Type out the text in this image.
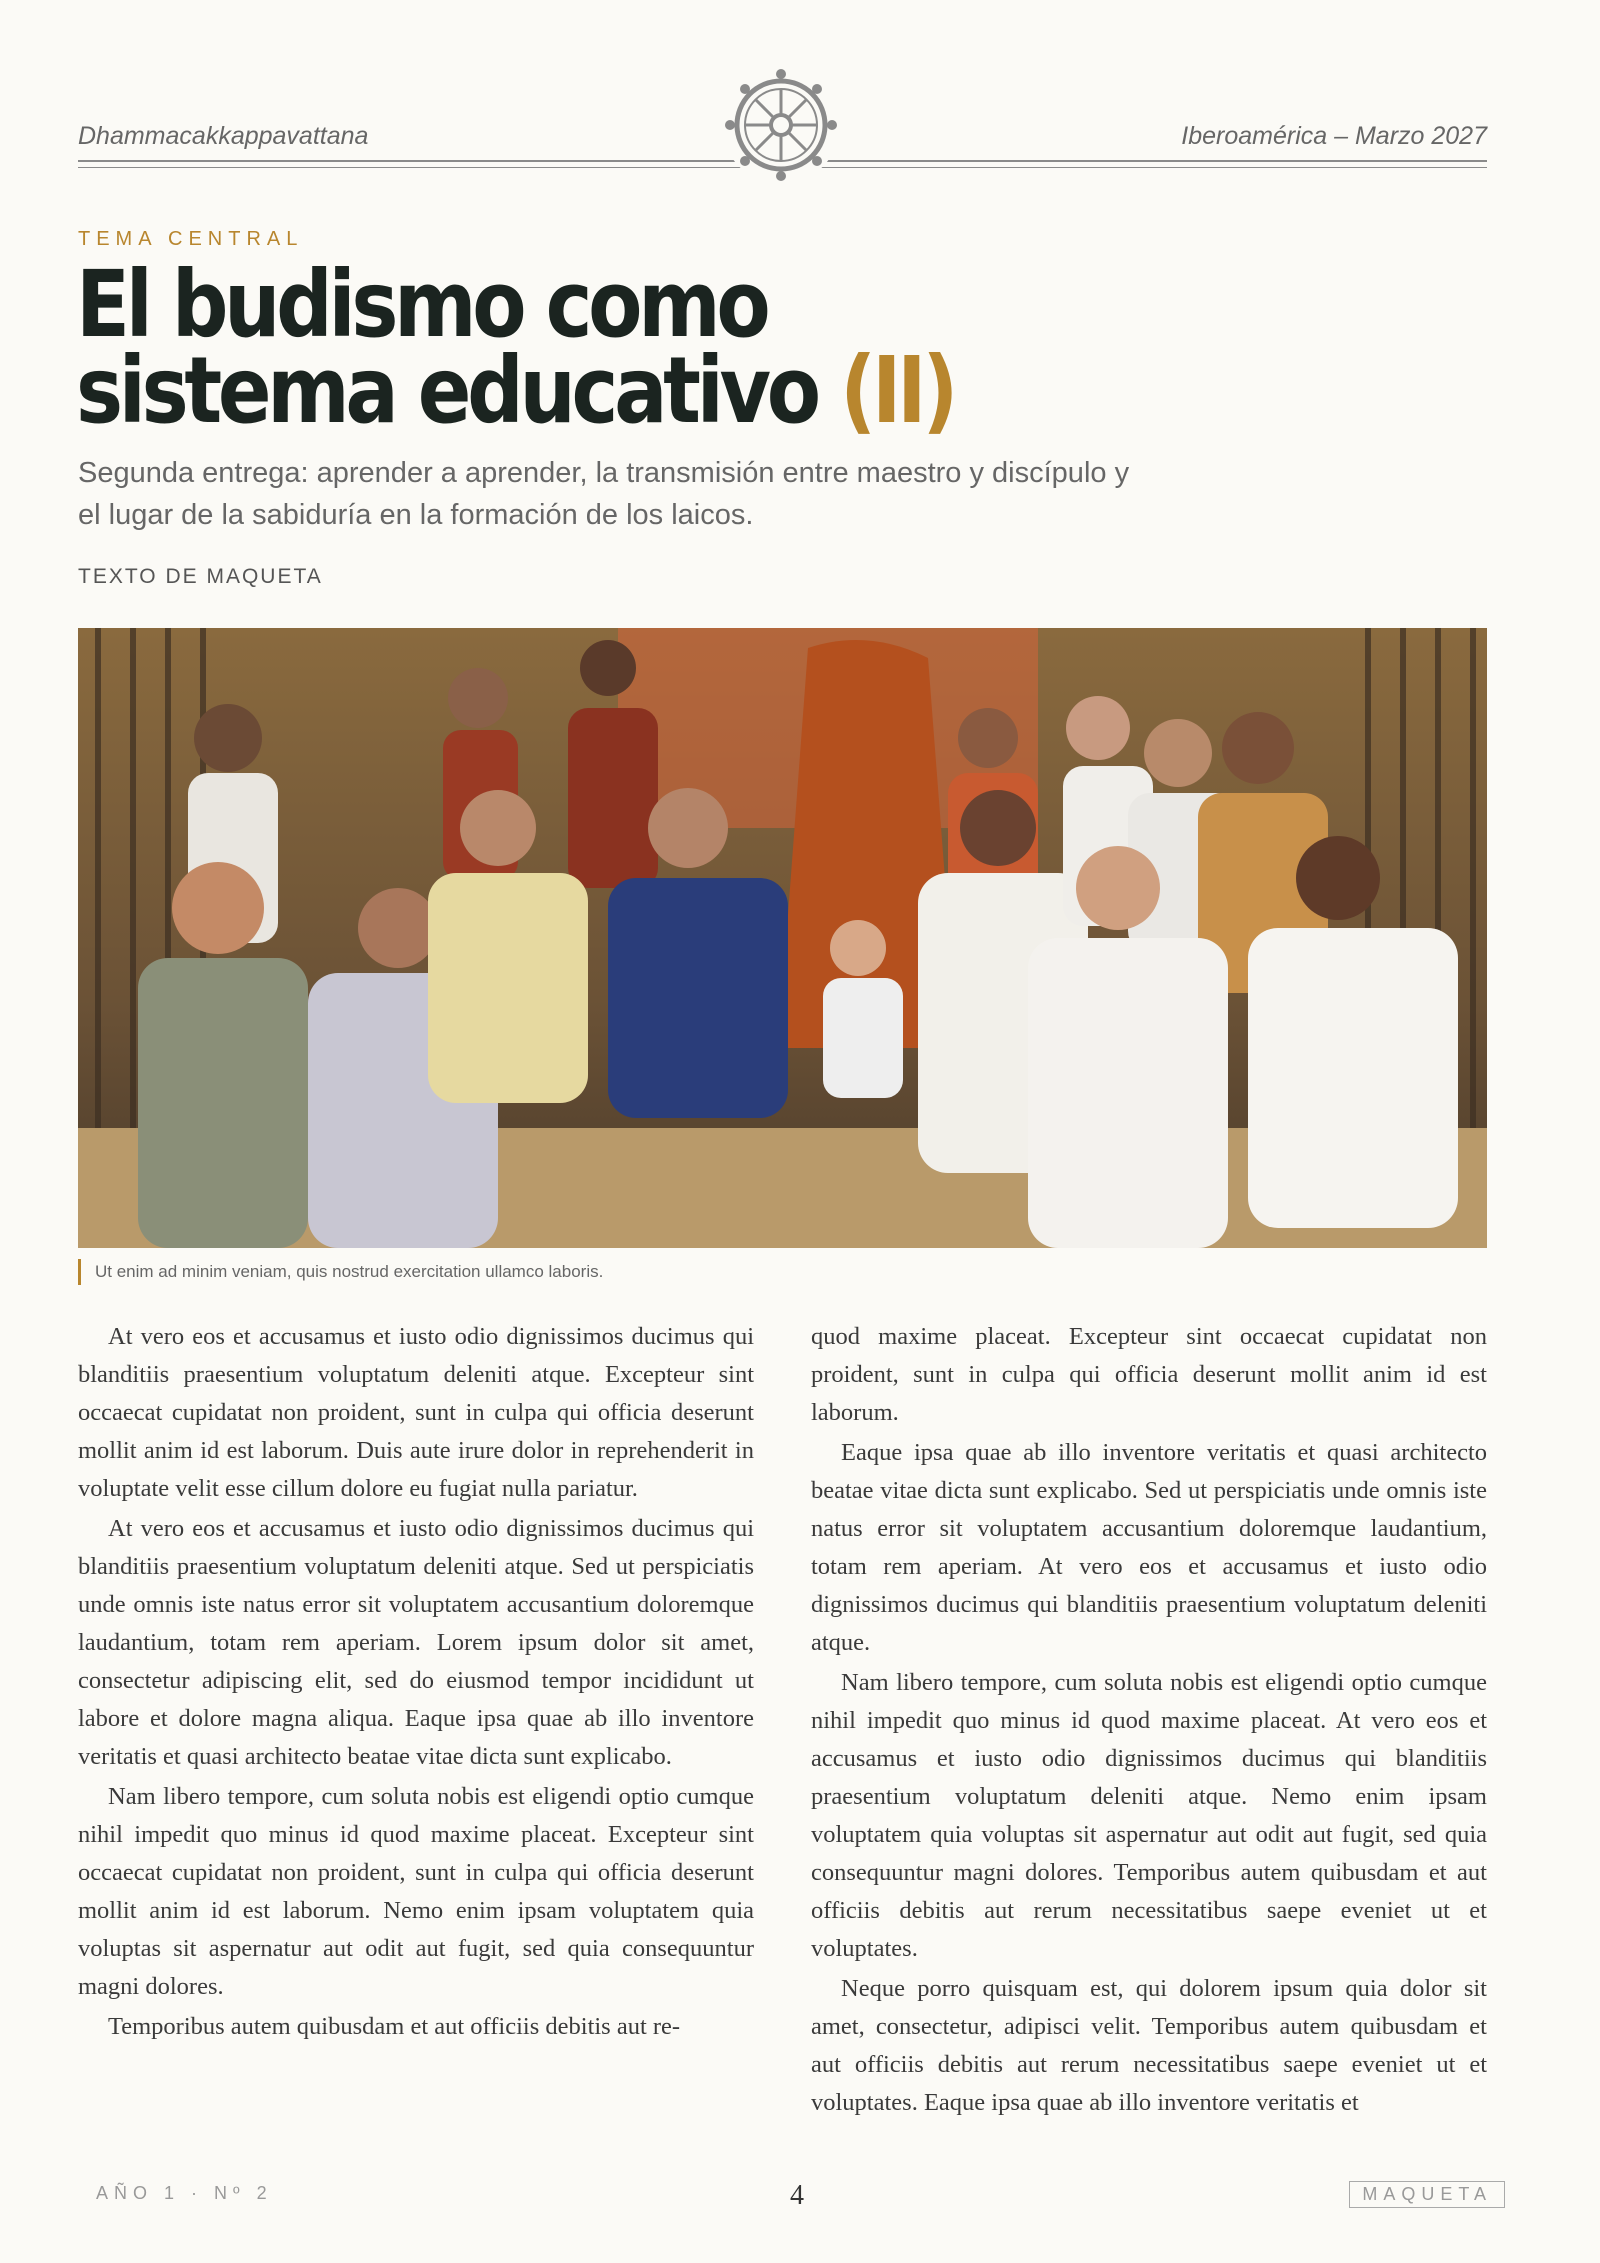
Dhammacakkappavattana	Iberoamérica – Marzo 2027
TEMA CENTRAL
El budismo como
sistema educativo (II)
Segunda entrega: aprender a aprender, la transmisión entre maestro y discípulo y el lugar de la sabiduría en la formación de los laicos.
TEXTO DE MAQUETA
Ut enim ad minim veniam, quis nostrud exercitation ullamco laboris.

At vero eos et accusamus et iusto odio dignissimos ducimus qui blanditiis praesentium voluptatum deleniti atque. Excepteur sint occaecat cupidatat non proident, sunt in culpa qui officia deserunt mollit anim id est laborum. Duis aute irure dolor in reprehenderit in voluptate velit esse cillum dolore eu fugiat nulla pariatur.

At vero eos et accusamus et iusto odio dignissimos ducimus qui blanditiis praesentium voluptatum deleniti atque. Sed ut perspiciatis unde omnis iste natus error sit voluptatem accusantium doloremque laudantium, totam rem aperiam. Lorem ipsum dolor sit amet, consectetur adipiscing elit, sed do eiusmod tempor incididunt ut labore et dolore magna aliqua. Eaque ipsa quae ab illo inventore veritatis et quasi architecto beatae vitae dicta sunt explicabo.

Nam libero tempore, cum soluta nobis est eligendi optio cumque nihil impedit quo minus id quod maxime placeat. Excepteur sint occaecat cupidatat non proident, sunt in culpa qui officia deserunt mollit anim id est laborum. Nemo enim ipsam voluptatem quia voluptas sit aspernatur aut odit aut fugit, sed quia consequuntur magni dolores.

Temporibus autem quibusdam et aut officiis debitis aut re-

quod maxime placeat. Excepteur sint occaecat cupidatat non proident, sunt in culpa qui officia deserunt mollit anim id est laborum.

Eaque ipsa quae ab illo inventore veritatis et quasi architecto beatae vitae dicta sunt explicabo. Sed ut perspiciatis unde omnis iste natus error sit voluptatem accusantium doloremque laudantium, totam rem aperiam. At vero eos et accusamus et iusto odio dignissimos ducimus qui blanditiis praesentium voluptatum deleniti atque.

Nam libero tempore, cum soluta nobis est eligendi optio cumque nihil impedit quo minus id quod maxime placeat. At vero eos et accusamus et iusto odio dignissimos ducimus qui blanditiis praesentium voluptatum deleniti atque. Nemo enim ipsam voluptatem quia voluptas sit aspernatur aut odit aut fugit, sed quia consequuntur magni dolores. Temporibus autem quibusdam et aut officiis debitis aut rerum necessitatibus saepe eveniet ut et voluptates.

Neque porro quisquam est, qui dolorem ipsum quia dolor sit amet, consectetur, adipisci velit. Temporibus autem quibusdam et aut officiis debitis aut rerum necessitatibus saepe eveniet ut et voluptates. Eaque ipsa quae ab illo inventore veritatis et

AÑO 1 · Nº 2	4	MAQUETA
